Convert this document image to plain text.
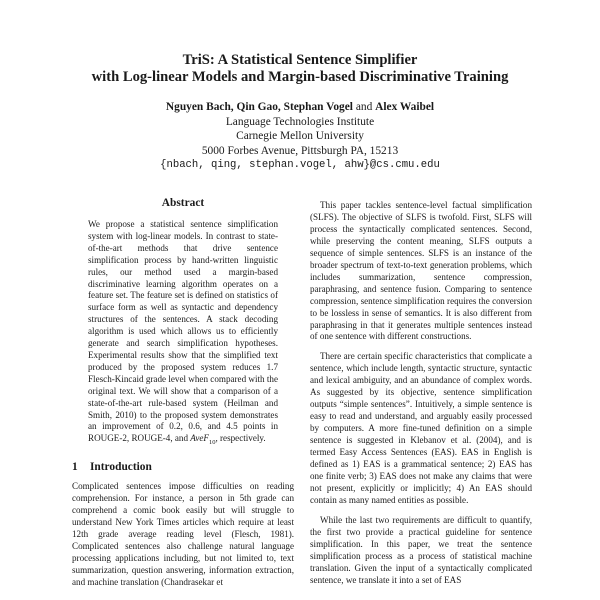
TriS: A Statistical Sentence Simplifier
with Log-linear Models and Margin-based Discriminative Training
Nguyen Bach, Qin Gao, Stephan Vogel and Alex Waibel
Language Technologies Institute
Carnegie Mellon University
5000 Forbes Avenue, Pittsburgh PA, 15213
{nbach, qing, stephan.vogel, ahw}@cs.cmu.edu
Abstract

We propose a statistical sentence simplification system with log-linear models. In contrast to state-of-the-art methods that drive sentence simplification process by hand-written linguistic rules, our method used a margin-based discriminative learning algorithm operates on a feature set. The feature set is defined on statistics of surface form as well as syntactic and dependency structures of the sentences. A stack decoding algorithm is used which allows us to efficiently generate and search simplification hypotheses. Experimental results show that the simplified text produced by the proposed system reduces 1.7 Flesch-Kincaid grade level when compared with the original text. We will show that a comparison of a state-of-the-art rule-based system (Heilman and Smith, 2010) to the proposed system demonstrates an improvement of 0.2, 0.6, and 4.5 points in ROUGE-2, ROUGE-4, and AveF$_{10}$, respectively.

1 Introduction

Complicated sentences impose difficulties on reading comprehension. For instance, a person in 5th grade can comprehend a comic book easily but will struggle to understand New York Times articles which require at least 12th grade average reading level (Flesch, 1981). Complicated sentences also challenge natural language processing applications including, but not limited to, text summarization, question answering, information extraction, and machine translation (Chandrasekar et

This paper tackles sentence-level factual simplification (SLFS). The objective of SLFS is twofold. First, SLFS will process the syntactically complicated sentences. Second, while preserving the content meaning, SLFS outputs a sequence of simple sentences. SLFS is an instance of the broader spectrum of text-to-text generation problems, which includes summarization, sentence compression, paraphrasing, and sentence fusion. Comparing to sentence compression, sentence simplification requires the conversion to be lossless in sense of semantics. It is also different from paraphrasing in that it generates multiple sentences instead of one sentence with different constructions.

There are certain specific characteristics that complicate a sentence, which include length, syntactic structure, syntactic and lexical ambiguity, and an abundance of complex words. As suggested by its objective, sentence simplification outputs “simple sentences”. Intuitively, a simple sentence is easy to read and understand, and arguably easily processed by computers. A more fine-tuned definition on a simple sentence is suggested in Klebanov et al. (2004), and is termed Easy Access Sentences (EAS). EAS in English is defined as 1) EAS is a grammatical sentence; 2) EAS has one finite verb; 3) EAS does not make any claims that were not present, explicitly or implicitly; 4) An EAS should contain as many named entities as possible.

While the last two requirements are difficult to quantify, the first two provide a practical guideline for sentence simplification. In this paper, we treat the sentence simplification process as a process of statistical machine translation. Given the input of a syntactically complicated sentence, we translate it into a set of EAS
